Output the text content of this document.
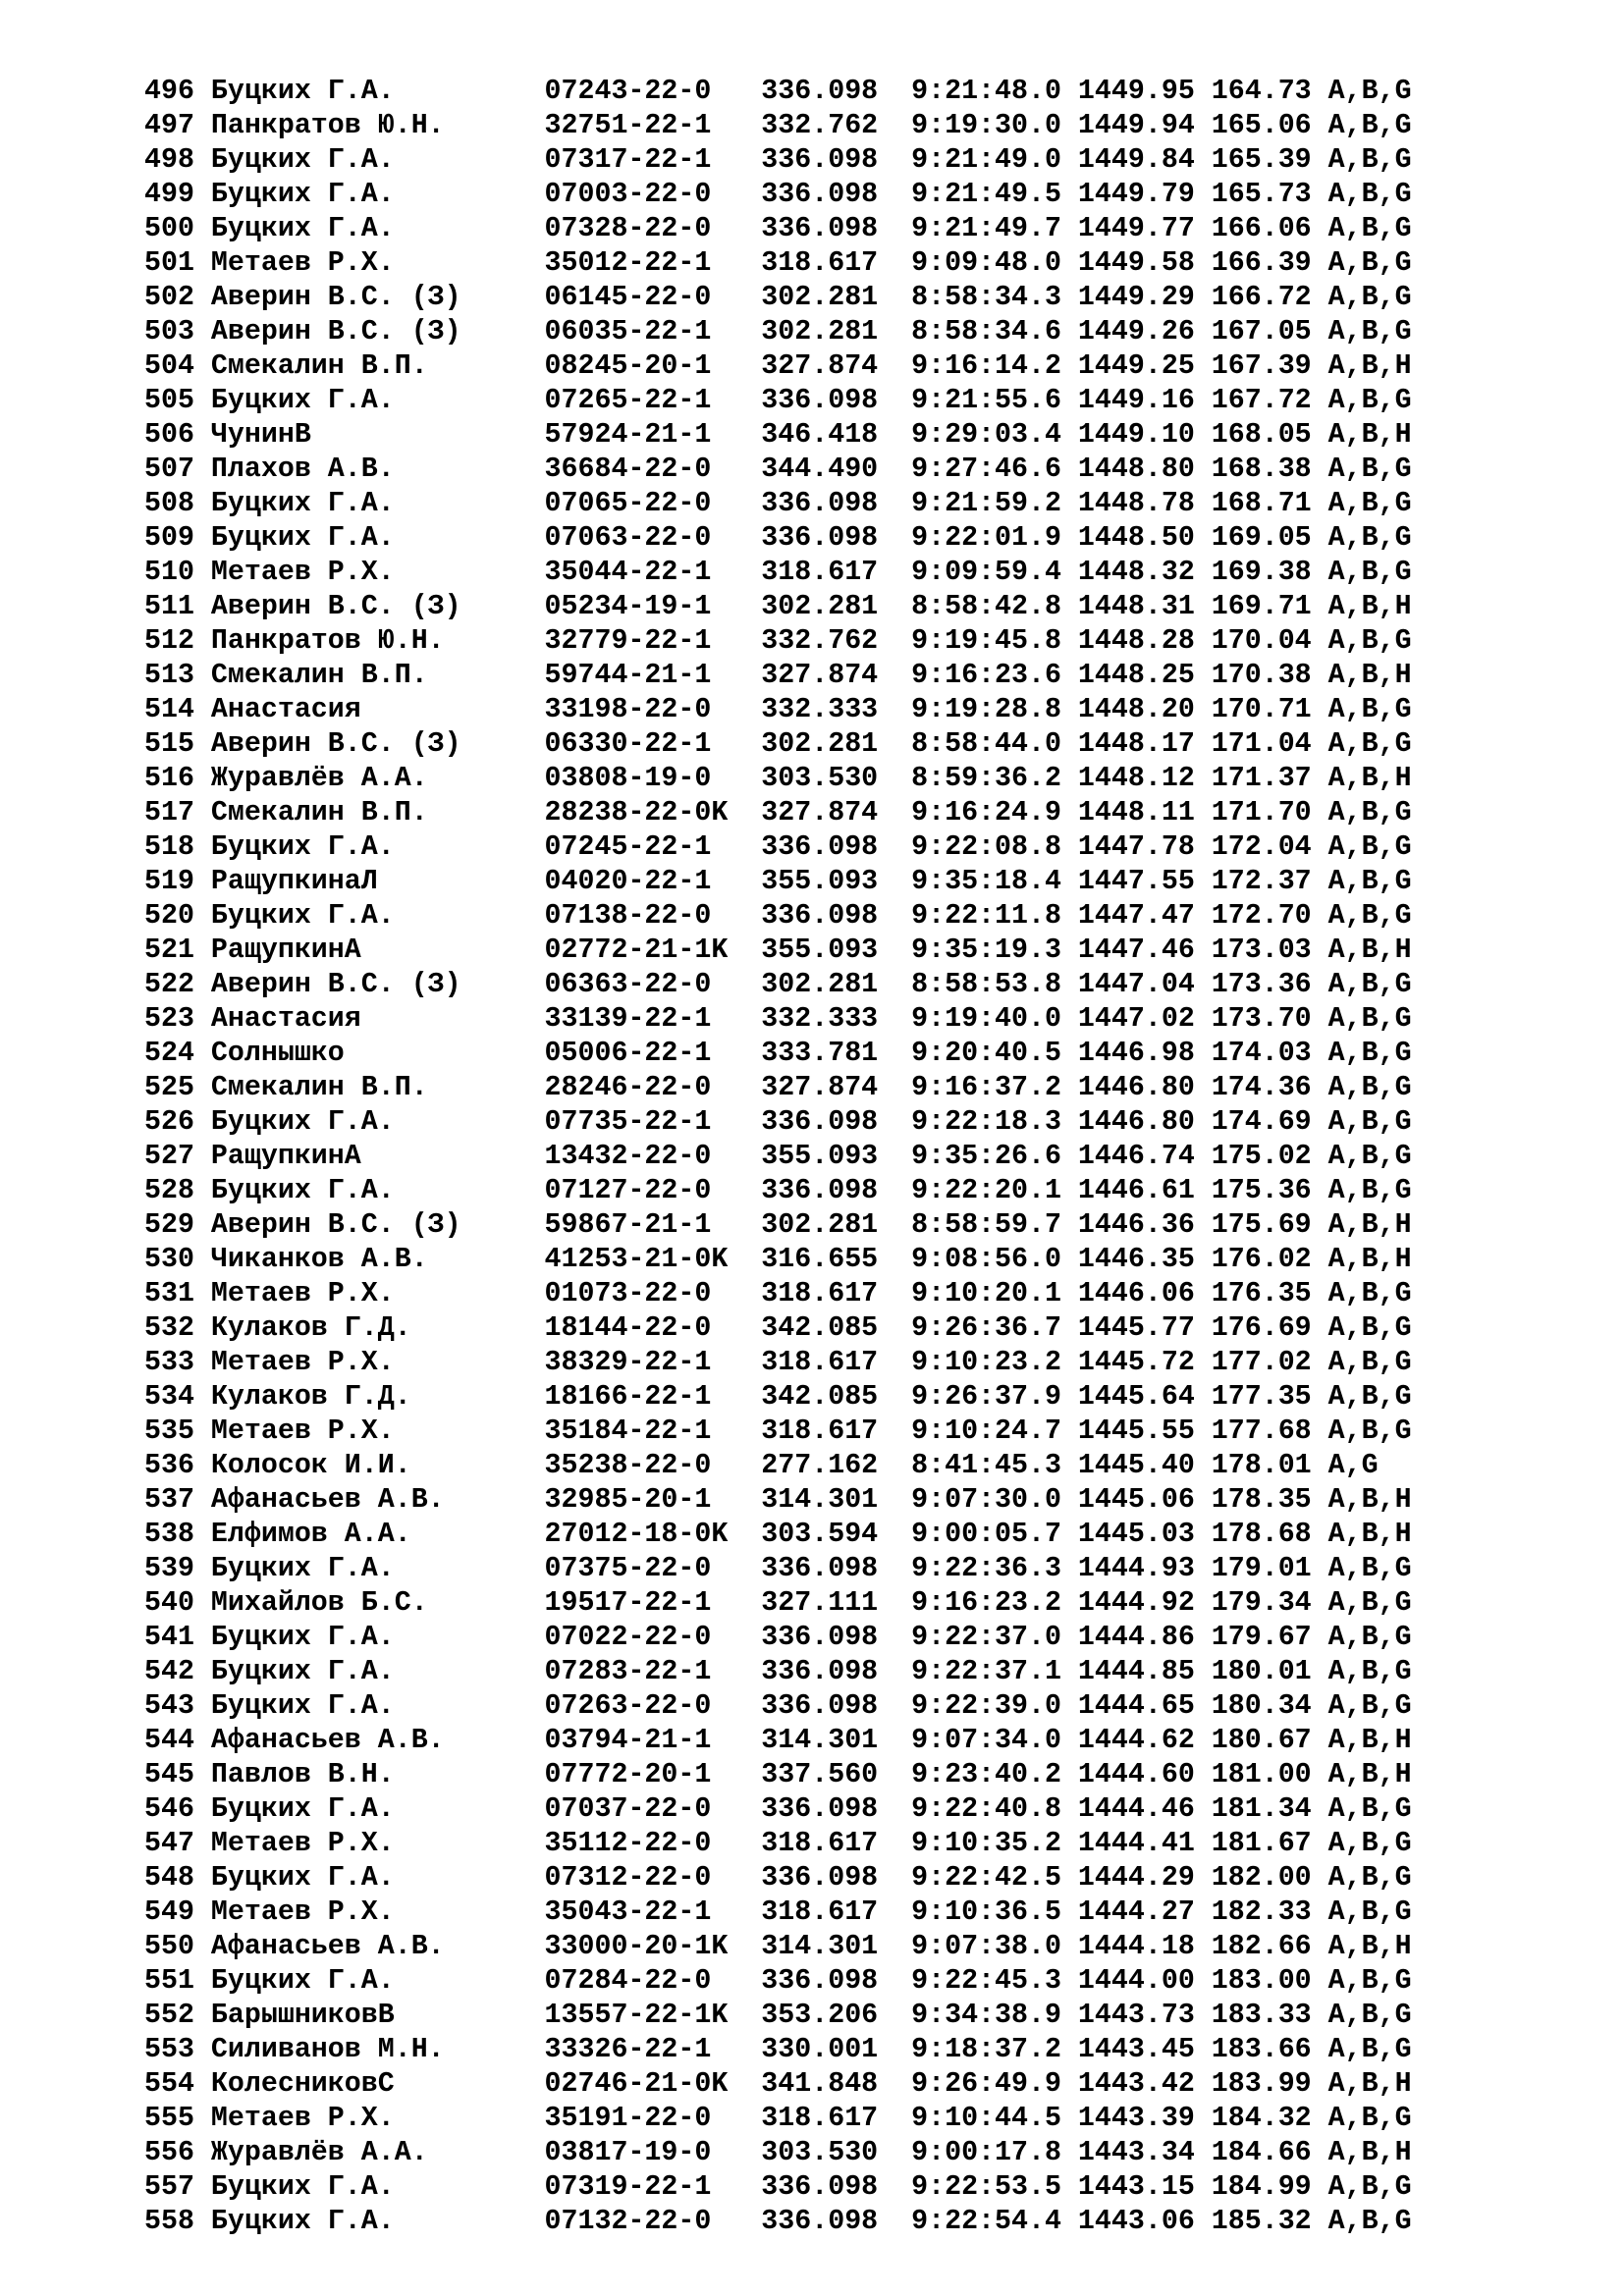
496 Буцких Г.А.         07243-22-0   336.098  9:21:48.0 1449.95 164.73 A,B,G
497 Панкратов Ю.Н.      32751-22-1   332.762  9:19:30.0 1449.94 165.06 A,B,G
498 Буцких Г.А.         07317-22-1   336.098  9:21:49.0 1449.84 165.39 A,B,G
499 Буцких Г.А.         07003-22-0   336.098  9:21:49.5 1449.79 165.73 A,B,G
500 Буцких Г.А.         07328-22-0   336.098  9:21:49.7 1449.77 166.06 A,B,G
501 Метаев Р.Х.         35012-22-1   318.617  9:09:48.0 1449.58 166.39 A,B,G
502 Аверин В.С. (З)     06145-22-0   302.281  8:58:34.3 1449.29 166.72 A,B,G
503 Аверин В.С. (З)     06035-22-1   302.281  8:58:34.6 1449.26 167.05 A,B,G
504 Смекалин В.П.       08245-20-1   327.874  9:16:14.2 1449.25 167.39 A,B,H
505 Буцких Г.А.         07265-22-1   336.098  9:21:55.6 1449.16 167.72 A,B,G
506 ЧунинВ              57924-21-1   346.418  9:29:03.4 1449.10 168.05 A,B,H
507 Плахов А.В.         36684-22-0   344.490  9:27:46.6 1448.80 168.38 A,B,G
508 Буцких Г.А.         07065-22-0   336.098  9:21:59.2 1448.78 168.71 A,B,G
509 Буцких Г.А.         07063-22-0   336.098  9:22:01.9 1448.50 169.05 A,B,G
510 Метаев Р.Х.         35044-22-1   318.617  9:09:59.4 1448.32 169.38 A,B,G
511 Аверин В.С. (З)     05234-19-1   302.281  8:58:42.8 1448.31 169.71 A,B,H
512 Панкратов Ю.Н.      32779-22-1   332.762  9:19:45.8 1448.28 170.04 A,B,G
513 Смекалин В.П.       59744-21-1   327.874  9:16:23.6 1448.25 170.38 A,B,H
514 Анастасия           33198-22-0   332.333  9:19:28.8 1448.20 170.71 A,B,G
515 Аверин В.С. (З)     06330-22-1   302.281  8:58:44.0 1448.17 171.04 A,B,G
516 Журавлёв А.А.       03808-19-0   303.530  8:59:36.2 1448.12 171.37 A,B,H
517 Смекалин В.П.       28238-22-0K  327.874  9:16:24.9 1448.11 171.70 A,B,G
518 Буцких Г.А.         07245-22-1   336.098  9:22:08.8 1447.78 172.04 A,B,G
519 РащупкинаЛ          04020-22-1   355.093  9:35:18.4 1447.55 172.37 A,B,G
520 Буцких Г.А.         07138-22-0   336.098  9:22:11.8 1447.47 172.70 A,B,G
521 РащупкинА           02772-21-1K  355.093  9:35:19.3 1447.46 173.03 A,B,H
522 Аверин В.С. (З)     06363-22-0   302.281  8:58:53.8 1447.04 173.36 A,B,G
523 Анастасия           33139-22-1   332.333  9:19:40.0 1447.02 173.70 A,B,G
524 Солнышко            05006-22-1   333.781  9:20:40.5 1446.98 174.03 A,B,G
525 Смекалин В.П.       28246-22-0   327.874  9:16:37.2 1446.80 174.36 A,B,G
526 Буцких Г.А.         07735-22-1   336.098  9:22:18.3 1446.80 174.69 A,B,G
527 РащупкинА           13432-22-0   355.093  9:35:26.6 1446.74 175.02 A,B,G
528 Буцких Г.А.         07127-22-0   336.098  9:22:20.1 1446.61 175.36 A,B,G
529 Аверин В.С. (З)     59867-21-1   302.281  8:58:59.7 1446.36 175.69 A,B,H
530 Чиканков А.В.       41253-21-0K  316.655  9:08:56.0 1446.35 176.02 A,B,H
531 Метаев Р.Х.         01073-22-0   318.617  9:10:20.1 1446.06 176.35 A,B,G
532 Кулаков Г.Д.        18144-22-0   342.085  9:26:36.7 1445.77 176.69 A,B,G
533 Метаев Р.Х.         38329-22-1   318.617  9:10:23.2 1445.72 177.02 A,B,G
534 Кулаков Г.Д.        18166-22-1   342.085  9:26:37.9 1445.64 177.35 A,B,G
535 Метаев Р.Х.         35184-22-1   318.617  9:10:24.7 1445.55 177.68 A,B,G
536 Колосок И.И.        35238-22-0   277.162  8:41:45.3 1445.40 178.01 A,G
537 Афанасьев А.В.      32985-20-1   314.301  9:07:30.0 1445.06 178.35 A,B,H
538 Елфимов А.А.        27012-18-0K  303.594  9:00:05.7 1445.03 178.68 A,B,H
539 Буцких Г.А.         07375-22-0   336.098  9:22:36.3 1444.93 179.01 A,B,G
540 Михайлов Б.С.       19517-22-1   327.111  9:16:23.2 1444.92 179.34 A,B,G
541 Буцких Г.А.         07022-22-0   336.098  9:22:37.0 1444.86 179.67 A,B,G
542 Буцких Г.А.         07283-22-1   336.098  9:22:37.1 1444.85 180.01 A,B,G
543 Буцких Г.А.         07263-22-0   336.098  9:22:39.0 1444.65 180.34 A,B,G
544 Афанасьев А.В.      03794-21-1   314.301  9:07:34.0 1444.62 180.67 A,B,H
545 Павлов В.Н.         07772-20-1   337.560  9:23:40.2 1444.60 181.00 A,B,H
546 Буцких Г.А.         07037-22-0   336.098  9:22:40.8 1444.46 181.34 A,B,G
547 Метаев Р.Х.         35112-22-0   318.617  9:10:35.2 1444.41 181.67 A,B,G
548 Буцких Г.А.         07312-22-0   336.098  9:22:42.5 1444.29 182.00 A,B,G
549 Метаев Р.Х.         35043-22-1   318.617  9:10:36.5 1444.27 182.33 A,B,G
550 Афанасьев А.В.      33000-20-1K  314.301  9:07:38.0 1444.18 182.66 A,B,H
551 Буцких Г.А.         07284-22-0   336.098  9:22:45.3 1444.00 183.00 A,B,G
552 БарышниковВ         13557-22-1K  353.206  9:34:38.9 1443.73 183.33 A,B,G
553 Силиванов М.Н.      33326-22-1   330.001  9:18:37.2 1443.45 183.66 A,B,G
554 КолесниковС         02746-21-0K  341.848  9:26:49.9 1443.42 183.99 A,B,H
555 Метаев Р.Х.         35191-22-0   318.617  9:10:44.5 1443.39 184.32 A,B,G
556 Журавлёв А.А.       03817-19-0   303.530  9:00:17.8 1443.34 184.66 A,B,H
557 Буцких Г.А.         07319-22-1   336.098  9:22:53.5 1443.15 184.99 A,B,G
558 Буцких Г.А.         07132-22-0   336.098  9:22:54.4 1443.06 185.32 A,B,G
